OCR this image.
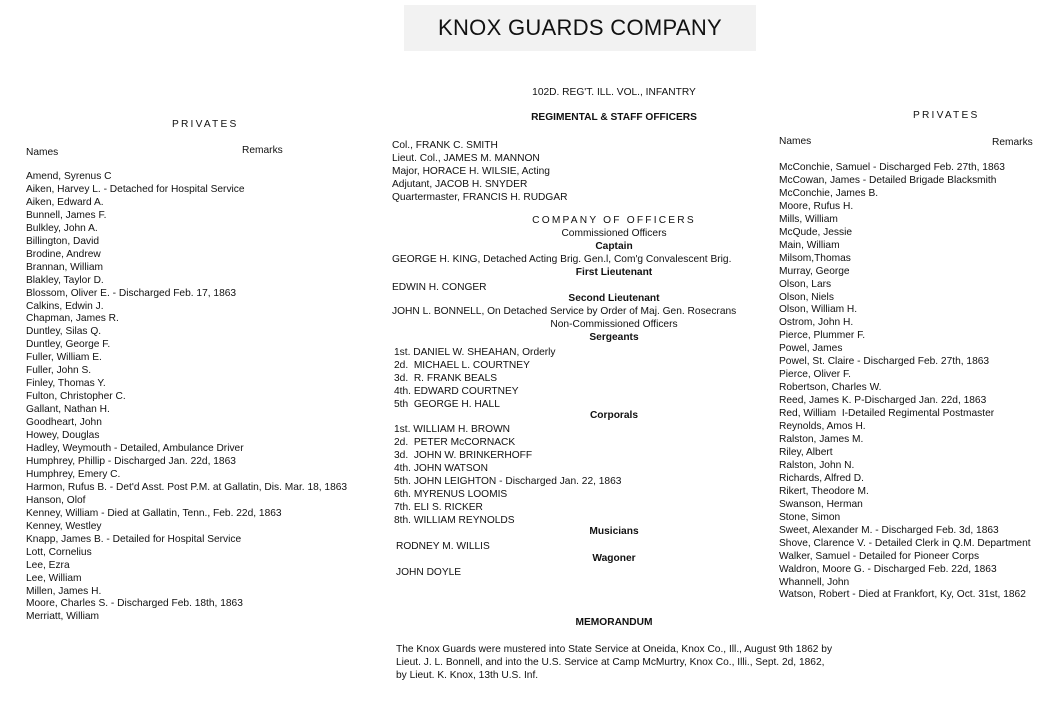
KNOX GUARDS COMPANY
PRIVATES
Names	Remarks
Amend, Syrenus C
Aiken, Harvey L. - Detached for Hospital Service
Aiken, Edward A.
Bunnell, James F.
Bulkley, John A.
Billington, David
Brodine, Andrew
Brannan, William
Blakley, Taylor D.
Blossom, Oliver E. - Discharged Feb. 17, 1863
Calkins, Edwin J.
Chapman, James R.
Duntley, Silas Q.
Duntley, George F.
Fuller, William E.
Fuller, John S.
Finley, Thomas Y.
Fulton, Christopher C.
Gallant, Nathan H.
Goodheart, John
Howey, Douglas
Hadley, Weymouth - Detailed, Ambulance Driver
Humphrey, Phillip - Discharged Jan. 22d, 1863
Humphrey, Emery C.
Harmon, Rufus B. - Det'd Asst. Post P.M. at Gallatin, Dis. Mar. 18, 1863
Hanson, Olof
Kenney, William - Died at Gallatin, Tenn., Feb. 22d, 1863
Kenney, Westley
Knapp, James B. - Detailed for Hospital Service
Lott, Cornelius
Lee, Ezra
Lee, William
Millen, James H.
Moore, Charles S. - Discharged Feb. 18th, 1863
Merriatt, William
102D. REG'T. ILL. VOL., INFANTRY
REGIMENTAL & STAFF OFFICERS
Col., FRANK C. SMITH
Lieut. Col., JAMES M. MANNON
Major, HORACE H. WILSIE, Acting
Adjutant, JACOB H. SNYDER
Quartermaster, FRANCIS H. RUDGAR
COMPANY OF OFFICERS
Commissioned Officers
Captain
GEORGE H. KING, Detached Acting Brig. Gen.l, Com'g Convalescent Brig.
First Lieutenant
EDWIN H. CONGER
Second Lieutenant
JOHN L. BONNELL, On Detached Service by Order of Maj. Gen. Rosecrans
Non-Commissioned Officers
Sergeants
1st. DANIEL W. SHEAHAN, Orderly
2d.  MICHAEL L. COURTNEY
3d.  R. FRANK BEALS
4th. EDWARD COURTNEY
5th  GEORGE H. HALL
Corporals
1st. WILLIAM H. BROWN
2d.  PETER McCORNACK
3d.  JOHN W. BRINKERHOFF
4th. JOHN WATSON
5th. JOHN LEIGHTON - Discharged Jan. 22, 1863
6th. MYRENUS LOOMIS
7th. ELI S. RICKER
8th. WILLIAM REYNOLDS
Musicians
RODNEY M. WILLIS
Wagoner
JOHN DOYLE
MEMORANDUM
The Knox Guards were mustered into State Service at Oneida, Knox Co., Ill., August 9th 1862 by Lieut. J. L. Bonnell, and into the U.S. Service at Camp McMurtry, Knox Co., Illi., Sept. 2d, 1862, by Lieut. K. Knox, 13th U.S. Inf.
PRIVATES
Names	Remarks
McConchie, Samuel - Discharged Feb. 27th, 1863
McCowan, James - Detailed Brigade Blacksmith
McConchie, James B.
Moore, Rufus H.
Mills, William
McQude, Jessie
Main, William
Milsom,Thomas
Murray, George
Olson, Lars
Olson, Niels
Olson, William H.
Ostrom, John H.
Pierce, Plummer F.
Powel, James
Powel, St. Claire - Discharged Feb. 27th, 1863
Pierce, Oliver F.
Robertson, Charles W.
Reed, James K. P-Discharged Jan. 22d, 1863
Red, William  I-Detailed Regimental Postmaster
Reynolds, Amos H.
Ralston, James M.
Riley, Albert
Ralston, John N.
Richards, Alfred D.
Rikert, Theodore M.
Swanson, Herman
Stone, Simon
Sweet, Alexander M. - Discharged Feb. 3d, 1863
Shove, Clarence V. - Detailed Clerk in Q.M. Department
Walker, Samuel - Detailed for Pioneer Corps
Waldron, Moore G. - Discharged Feb. 22d, 1863
Whannell, John
Watson, Robert - Died at Frankfort, Ky, Oct. 31st, 1862
